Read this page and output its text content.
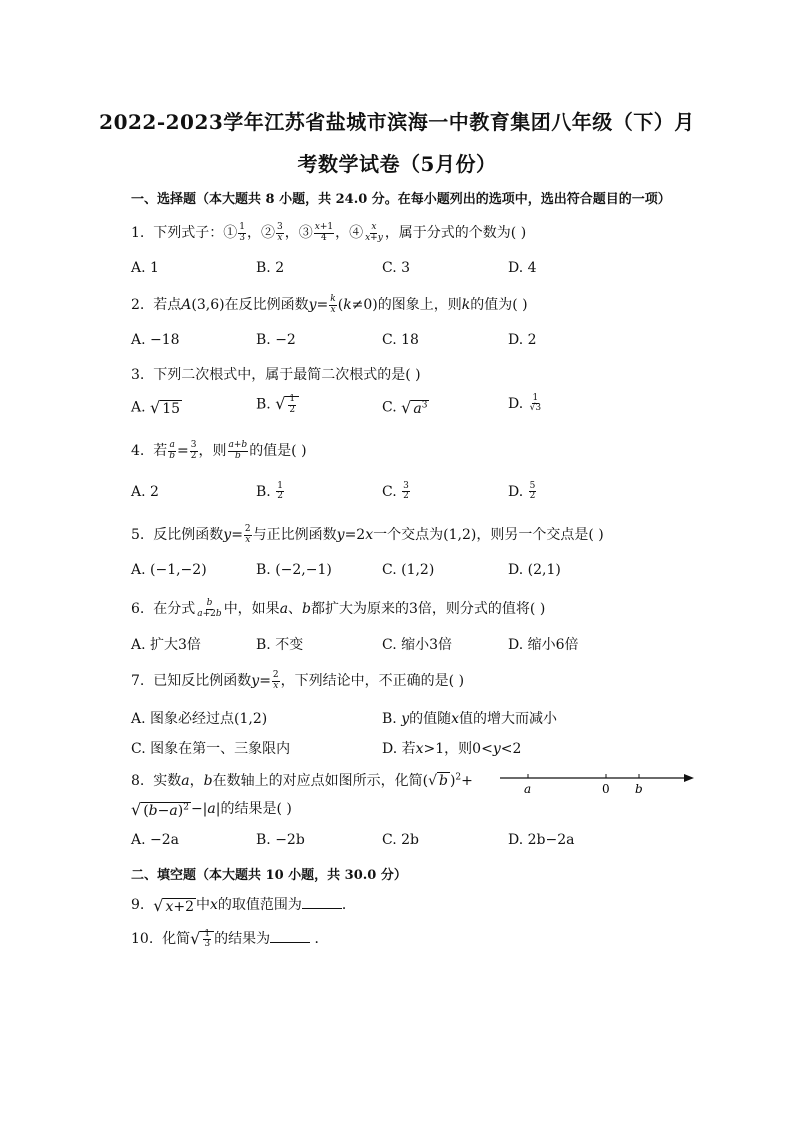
2022-2023学年江苏省盐城市滨海一中教育集团八年级（下）月
考数学试卷（5月份）
一、选择题（本大题共 8 小题，共 24.0 分。在每小题列出的选项中，选出符合题目的一项）
1. 下列式子：① $\frac{1}{3}$ ，② $\frac{3}{x}$ ，③ $\frac{x+1}{4}$ ，④ $\frac{x}{x+y}$ ，属于分式的个数为( )
A. 1	B. 2	C. 3	D. 4
2. 若点A(3,6)在反比例函数$y= \frac{k}{x} (k\ne 0)$的图象上，则k的值为( )
A. −18	B. −2	C. 18	D. 2
3. 下列二次根式中，属于最简二次根式的是( )
A. √ 15	B. √ $\frac{1}{2}$	C. √ $a^3$	D. $\frac{1}{√3}$
4. 若 $\frac{a}{b} = \frac{3}{2}$ ，则 $\frac{a+b}{b}$ 的值是( )
A. 2	B. $\frac{1}{2}$	C. $\frac{3}{2}$	D. $\frac{5}{2}$
5. 反比例函数$y= \frac{2}{x}$ 与正比例函数y=2x一个交点为(1,2)，则另一个交点是( )
A. (−1,−2)	B. (−2,−1)	C. (1,2)	D. (2,1)
6. 在分式 $\frac{b}{a+2b}$ 中，如果a、b都扩大为原来的3倍，则分式的值将( )
A. 扩大3倍	B. 不变	C. 缩小3倍	D. 缩小6倍
7. 已知反比例函数$y= \frac{2}{x}$ ，下列结论中，不正确的是( )
A. 图象必经过点(1,2)	B. y的值随x值的增大而减小
C. 图象在第一、三象限内	D. 若x>1，则0<y<2
8. 实数a，b在数轴上的对应点如图所示，化简(√ b )$^2$+
√ $(b-a)^2 -|a|$的结果是( )
A. −2a	B. −2b	C. 2b	D. 2b−2a
a	0 b
二、填空题（本大题共 10 小题，共 30.0 分）
9. √ x+2 中x的取值范围为	．
10. 化简√ $\frac{1}{3}$ 的结果为	．
